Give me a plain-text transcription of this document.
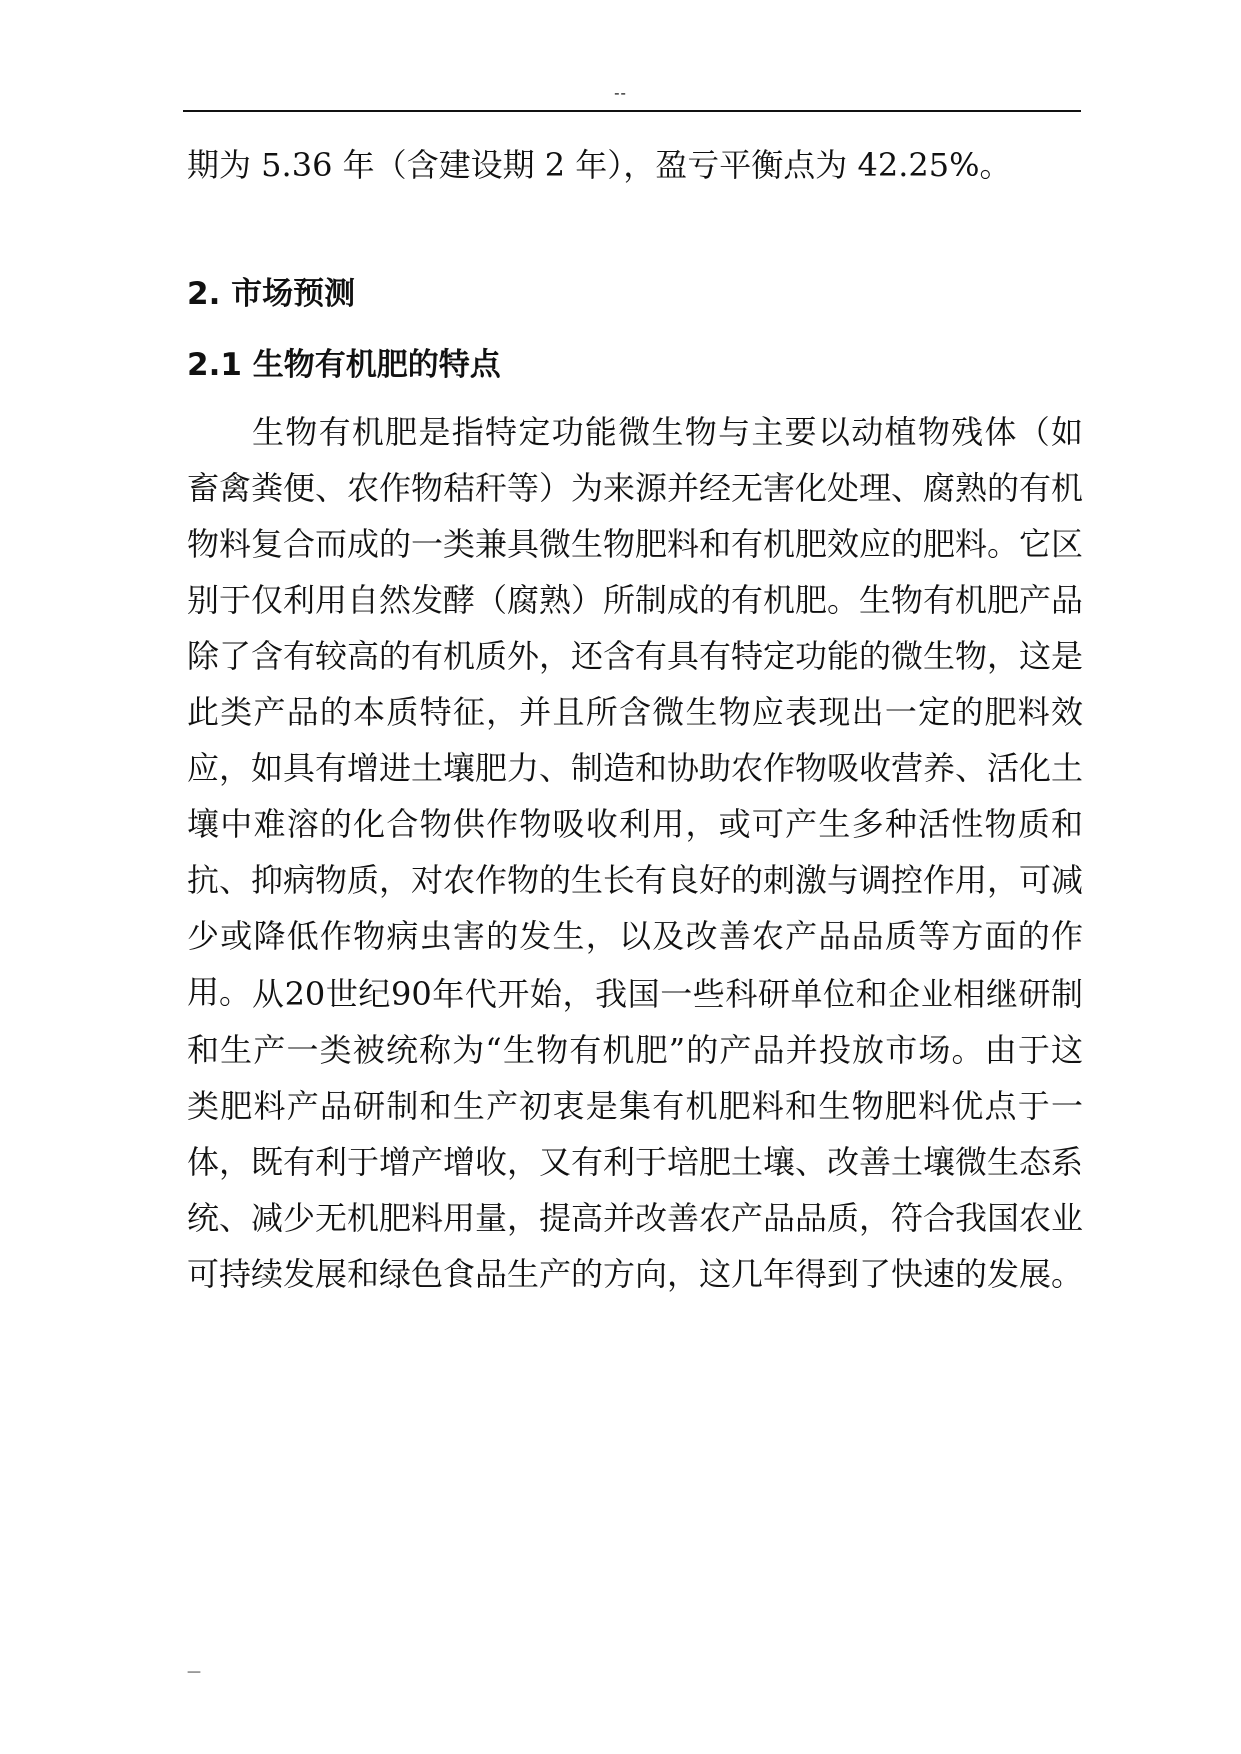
--
期为 5.36 年（含建设期 2 年），盈亏平衡点为 42.25%。
2. 市场预测
2.1 生物有机肥的特点

生物有机肥是指特定功能微生物与主要以动植物残体（如畜禽粪便、农作物秸秆等）为来源并经无害化处理、腐熟的有机物料复合而成的一类兼具微生物肥料和有机肥效应的肥料。它区别于仅利用自然发酵（腐熟）所制成的有机肥。生物有机肥产品除了含有较高的有机质外，还含有具有特定功能的微生物，这是此类产品的本质特征，并且所含微生物应表现出一定的肥料效应，如具有增进土壤肥力、制造和协助农作物吸收营养、活化土壤中难溶的化合物供作物吸收利用，或可产生多种活性物质和抗、抑病物质，对农作物的生长有良好的刺激与调控作用，可减少或降低作物病虫害的发生，以及改善农产品品质等方面的作用。 从20世纪90年代开始，我国一些科研单位和企业相继研制和生产一类被统称为“生物有机肥”的产品并投放市场。由于这类肥料产品研制和生产初衷是集有机肥料和生物肥料优点于一体，既有利于增产增收，又有利于培肥土壤、改善土壤微生态系统、减少无机肥料用量，提高并改善农产品品质，符合我国农业可持续发展和绿色食品生产的方向，这几年得到了快速的发展。

—
